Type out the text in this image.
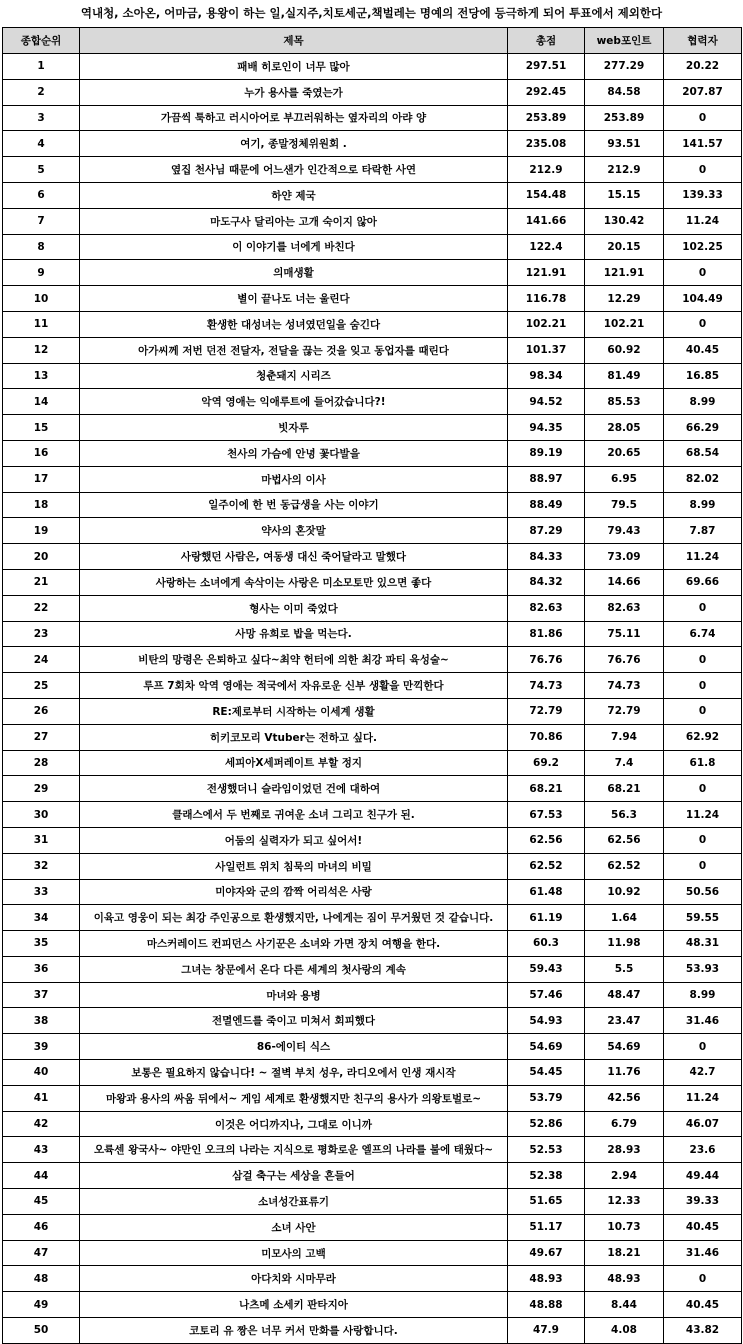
역내청, 소아온, 어마금, 용왕이 하는 일,실지주,치토세군,책벌레는 명예의 전당에 등극하게 되어 투표에서 제외한다
종합순위	제목	총점	web포인트	협력자
1	패배 히로인이 너무 많아	297.51	277.29	20.22
2	누가 용사를 죽였는가	292.45	84.58	207.87
3	가끔씩 툭하고 러시아어로 부끄러워하는 옆자리의 아랴 양	253.89	253.89	0
4	여기, 종말정체위원회 .	235.08	93.51	141.57
5	옆집 천사님 때문에 어느샌가 인간적으로 타락한 사연	212.9	212.9	0
6	하얀 제국	154.48	15.15	139.33
7	마도구사 달리아는 고개 숙이지 않아	141.66	130.42	11.24
8	이 이야기를 너에게 바친다	122.4	20.15	102.25
9	의매생활	121.91	121.91	0
10	별이 끝나도 너는 울린다	116.78	12.29	104.49
11	환생한 대성녀는 성녀였던일을 숨긴다	102.21	102.21	0
12	아가씨께 저번 던전 전달자, 전달을 끊는 것을 잊고 동업자를 때린다	101.37	60.92	40.45
13	청춘돼지 시리즈	98.34	81.49	16.85
14	악역 영애는 익애루트에 들어갔습니다?!	94.52	85.53	8.99
15	빗자루	94.35	28.05	66.29
16	천사의 가슴에 안녕 꽃다발을	89.19	20.65	68.54
17	마법사의 이사	88.97	6.95	82.02
18	일주이에 한 번 동급생을 사는 이야기	88.49	79.5	8.99
19	약사의 혼잣말	87.29	79.43	7.87
20	사랑했던 사람은, 여동생 대신 죽어달라고 말했다	84.33	73.09	11.24
21	사랑하는 소녀에게 속삭이는 사랑은 미소모토만 있으면 좋다	84.32	14.66	69.66
22	형사는 이미 죽었다	82.63	82.63	0
23	사망 유희로 밥을 먹는다.	81.86	75.11	6.74
24	비탄의 망령은 은퇴하고 싶다~최약 헌터에 의한 최강 파티 육성술~	76.76	76.76	0
25	루프 7회차 악역 영애는 적국에서 자유로운 신부 생활을 만끽한다	74.73	74.73	0
26	RE:제로부터 시작하는 이세계 생활	72.79	72.79	0
27	히키코모리 Vtuber는 전하고 싶다.	70.86	7.94	62.92
28	세피아X세퍼레이트 부할 정지	69.2	7.4	61.8
29	전생했더니 슬라임이었던 건에 대하여	68.21	68.21	0
30	클래스에서 두 번째로 귀여운 소녀 그리고 친구가 된.	67.53	56.3	11.24
31	어둠의 실력자가 되고 싶어서!	62.56	62.56	0
32	사일런트 위치 침묵의 마녀의 비밀	62.52	62.52	0
33	미야자와 군의 깜짝 어리석은 사랑	61.48	10.92	50.56
34	이육고 영웅이 되는 최강 주인공으로 환생했지만, 나에게는 짐이 무거웠던 것 같습니다.	61.19	1.64	59.55
35	마스커레이드 컨피던스 사기꾼은 소녀와 가면 장치 여행을 한다.	60.3	11.98	48.31
36	그녀는 창문에서 온다 다른 세계의 첫사랑의 계속	59.43	5.5	53.93
37	마녀와 용병	57.46	48.47	8.99
38	전멸엔드를 죽이고 미쳐서 회피했다	54.93	23.47	31.46
39	86-에이티 식스	54.69	54.69	0
40	보통은 필요하지 않습니다! ~ 절벽 부치 성우, 라디오에서 인생 재시작	54.45	11.76	42.7
41	마왕과 용사의 싸움 뒤에서~ 게임 세계로 환생했지만 친구의 용사가 의왕토벌로~	53.79	42.56	11.24
42	이것은 어디까지나, 그대로 이니까	52.86	6.79	46.07
43	오륙센 왕국사~ 야만인 오크의 나라는 지식으로 평화로운 엘프의 나라를 불에 태웠다~	52.53	28.93	23.6
44	삼걸 축구는 세상을 흔들어	52.38	2.94	49.44
45	소녀성간표류기	51.65	12.33	39.33
46	소녀 사안	51.17	10.73	40.45
47	미모사의 고백	49.67	18.21	31.46
48	아다치와 시마무라	48.93	48.93	0
49	나츠메 소세키 판타지아	48.88	8.44	40.45
50	코토리 유 짱은 너무 커서 만화를 사랑합니다.	47.9	4.08	43.82
